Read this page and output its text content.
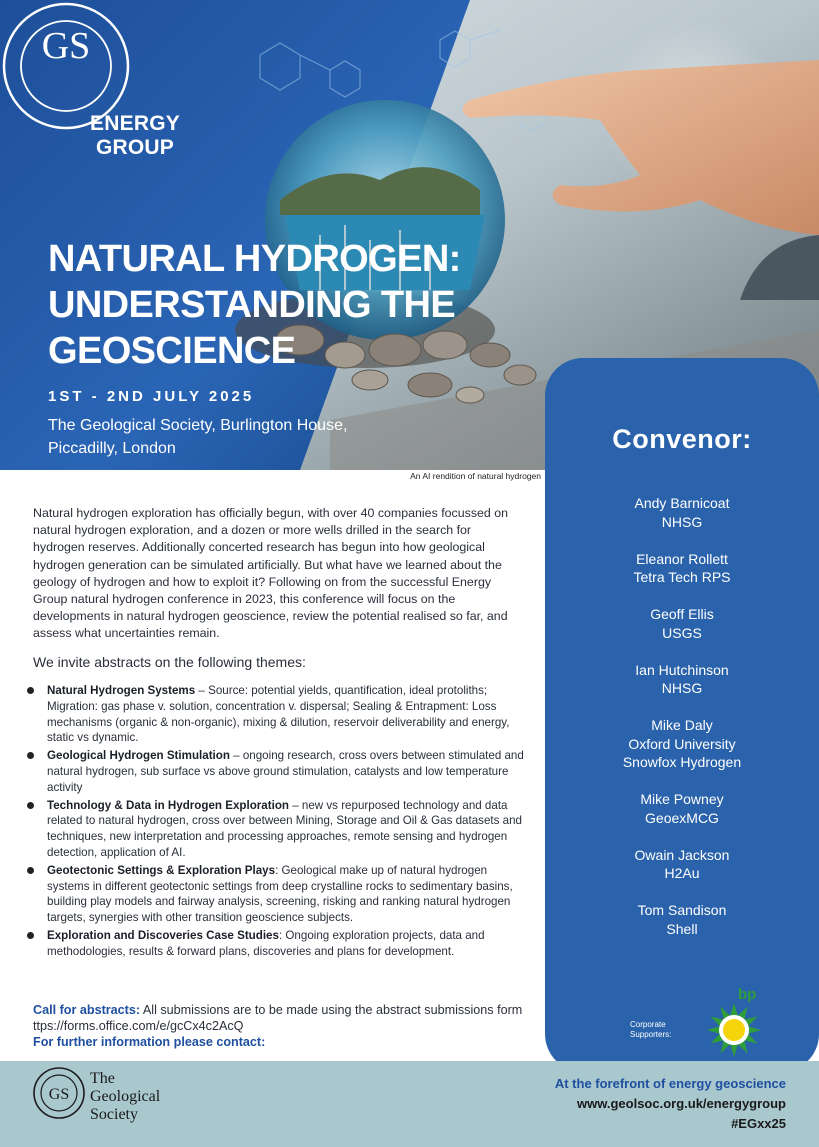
GS
ENERGY GROUP
NATURAL HYDROGEN: UNDERSTANDING THE GEOSCIENCE
1ST - 2ND JULY 2025
The Geological Society, Burlington House, Piccadilly, London
An AI rendition of natural hydrogen

Natural hydrogen exploration has officially begun, with over 40 companies focussed on natural hydrogen exploration, and a dozen or more wells drilled in the search for hydrogen reserves. Additionally concerted research has begun into how geological hydrogen generation can be simulated artificially. But what have we learned about the geology of hydrogen and how to exploit it? Following on from the successful Energy Group natural hydrogen conference in 2023, this conference will focus on the developments in natural hydrogen geoscience, review the potential realised so far, and assess what uncertainties remain.

We invite abstracts on the following themes:
Natural Hydrogen Systems – Source: potential yields, quantification, ideal protoliths; Migration: gas phase v. solution, concentration v. dispersal; Sealing & Entrapment: Loss mechanisms (organic & non-organic), mixing & dilution, reservoir deliverability and energy, static vs dynamic.
Geological Hydrogen Stimulation – ongoing research, cross overs between stimulated and natural hydrogen, sub surface vs above ground stimulation, catalysts and low temperature activity
Technology & Data in Hydrogen Exploration – new vs repurposed technology and data related to natural hydrogen, cross over between Mining, Storage and Oil & Gas datasets and techniques, new interpretation and processing approaches, remote sensing and hydrogen detection, application of AI.
Geotectonic Settings & Exploration Plays: Geological make up of natural hydrogen systems in different geotectonic settings from deep crystalline rocks to sedimentary basins, building play models and fairway analysis, screening, risking and ranking natural hydrogen targets, synergies with other transition geoscience subjects.
Exploration and Discoveries Case Studies: Ongoing exploration projects, data and methodologies, results & forward plans, discoveries and plans for development.
Call for abstracts: All submissions are to be made using the abstract submissions form ttps://forms.office.com/e/gcCx4c2AcQ
For further information please contact:
Convenor:
Andy Barnicoat
NHSG
Eleanor Rollett
Tetra Tech RPS
Geoff Ellis
USGS
Ian Hutchinson
NHSG
Mike Daly
Oxford University
Snowfox Hydrogen
Mike Powney
GeoexMCG
Owain Jackson
H2Au
Tom Sandison
Shell
Corporate Supporters:
bp
GS
The Geological Society
At the forefront of energy geoscience
www.geolsoc.org.uk/energygroup
#EGxx25
